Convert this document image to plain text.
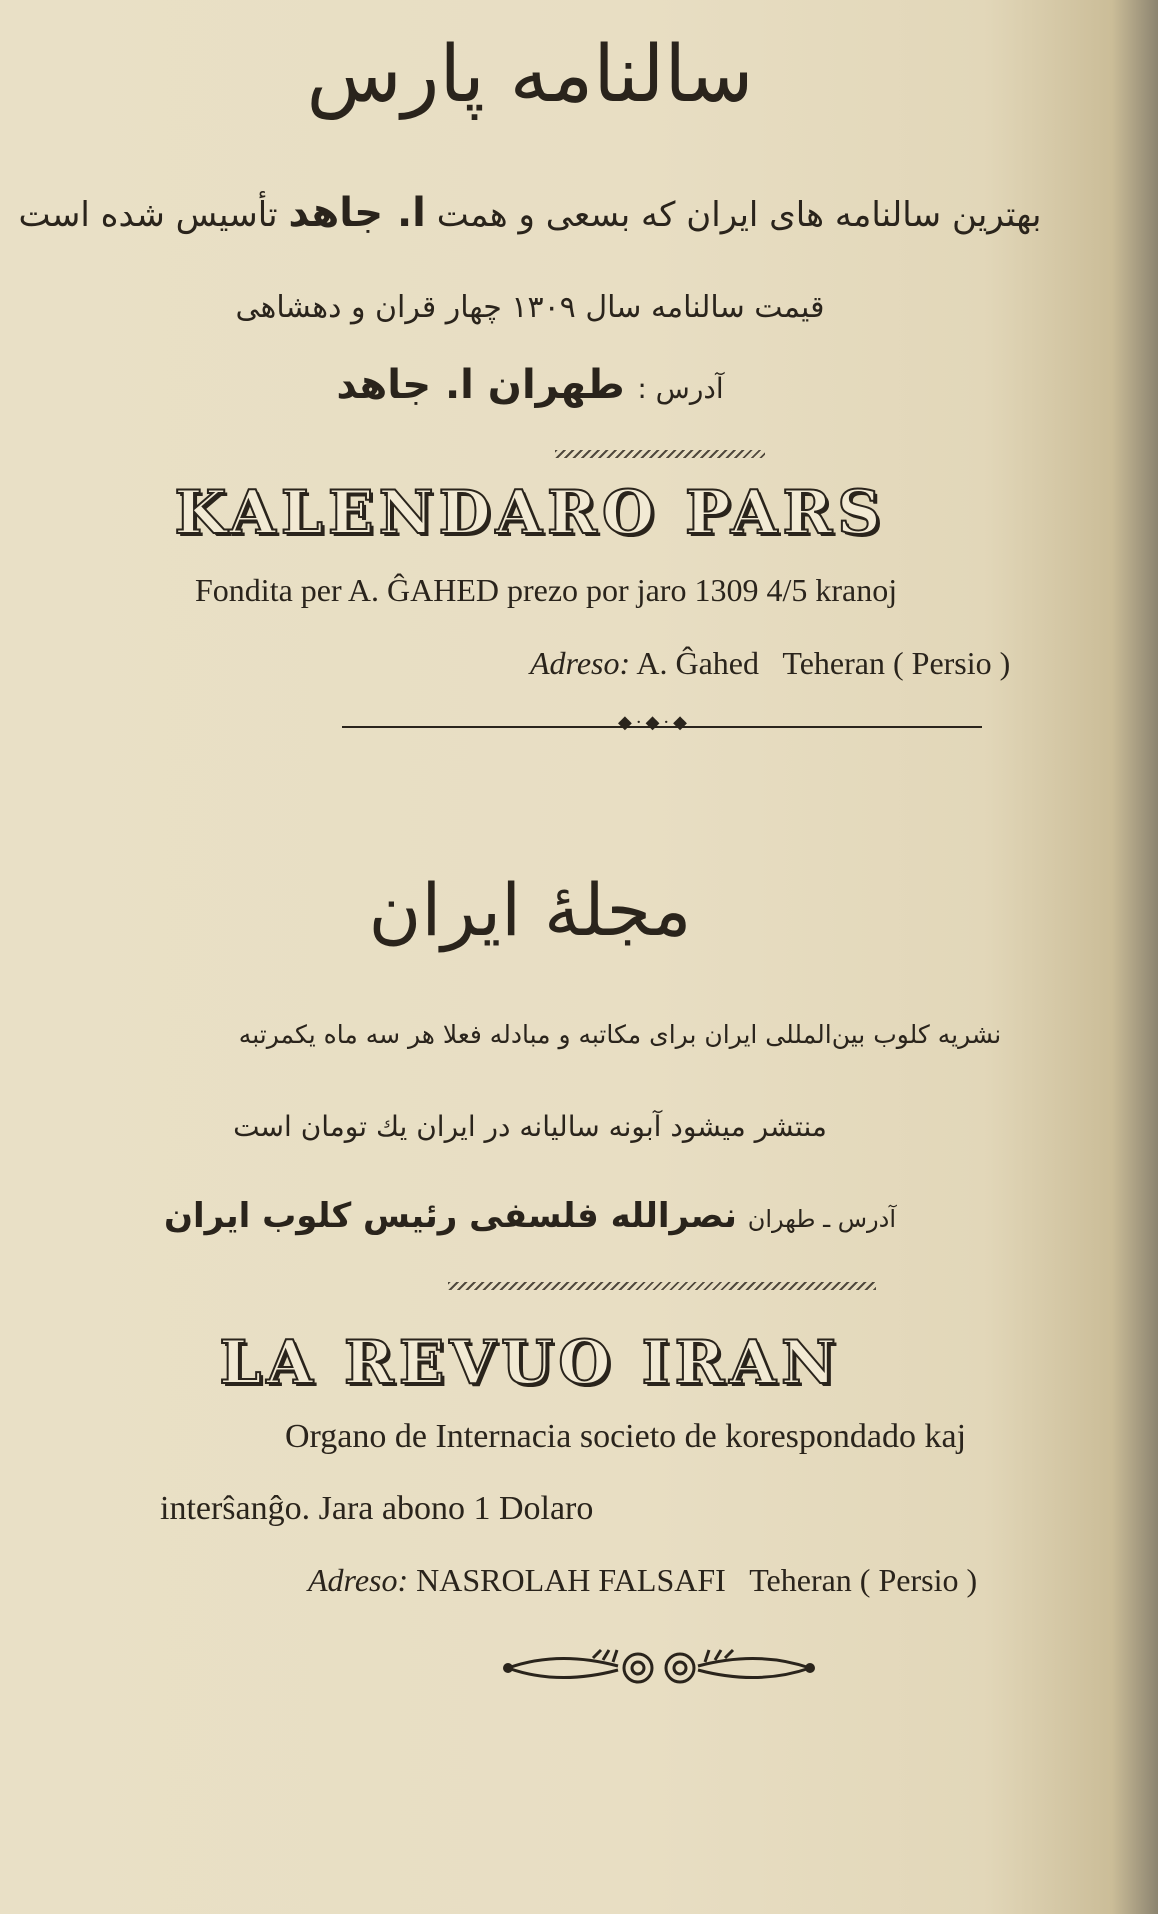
سالنامه پارس
بهترین سالنامه های ایران که بسعی و همت ا. جاهد تأسیس شده است
قیمت سالنامه سال ۱۳۰۹ چهار قران و دهشاهی
آدرس : طهران ا. جاهد
KALENDARO PARS
Fondita per A. ĜAHED prezo por jaro 1309 4/5 kranoj
Adreso: A. Ĝahed   Teheran ( Persio )
◆·◆·◆
مجلهٔ ایران
نشریه کلوب بین‌المللی ایران برای مکاتبه و مبادله فعلا هر سه ماه یکمرتبه
منتشر میشود آبونه سالیانه در ایران یك تومان است
آدرس ـ طهران نصرالله فلسفی رئیس کلوب ایران
LA REVUO IRAN
Organo de Internacia societo de korespondado kaj
interŝanĝo. Jara abono 1 Dolaro
Adreso: NASROLAH FALSAFI   Teheran ( Persio )
